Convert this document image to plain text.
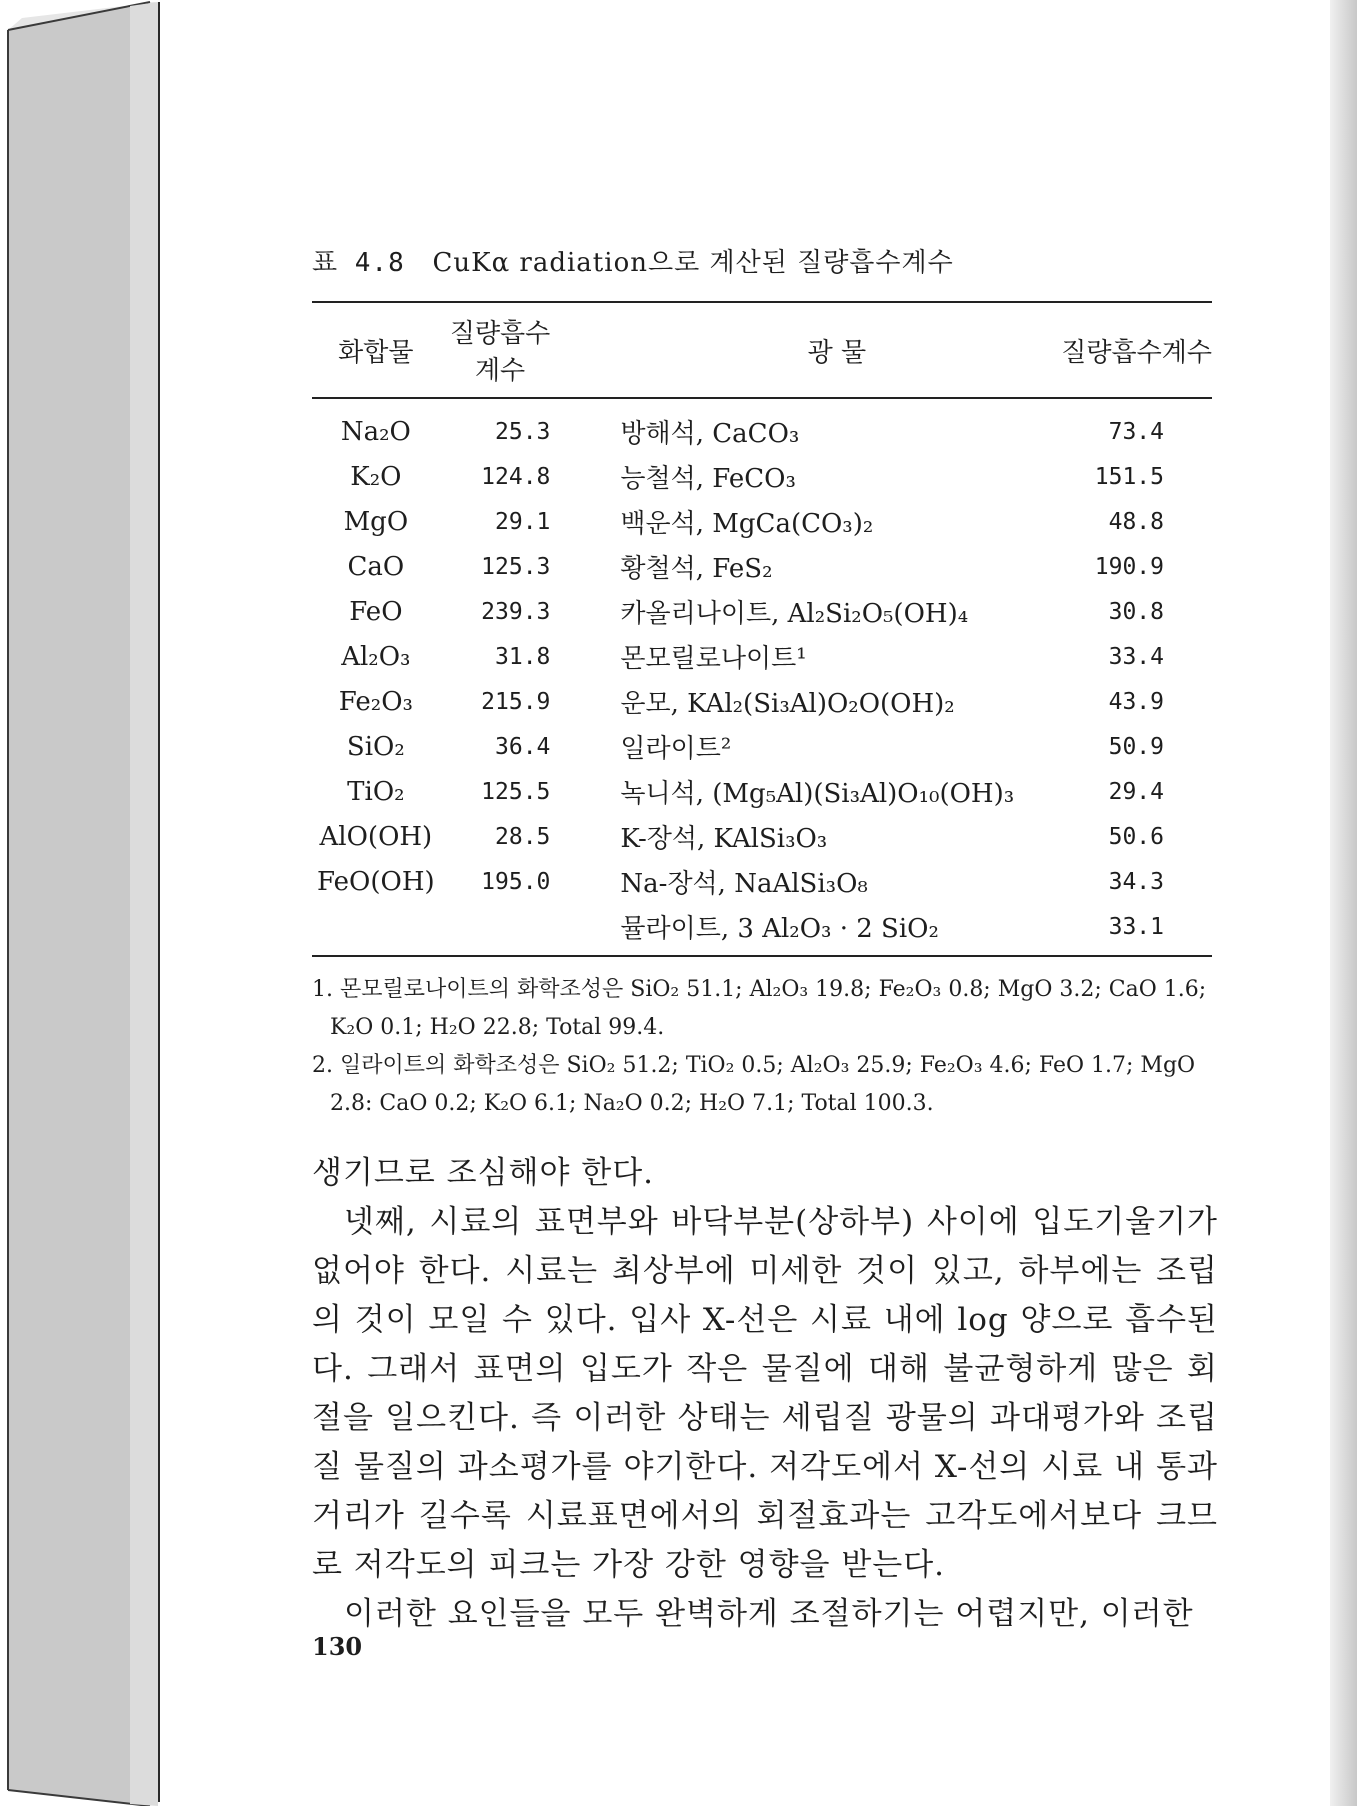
표 4.8 CuKα radiation으로 계산된 질량흡수계수
화합물	질량흡수계수	광 물	질량흡수계수
Na₂O	25.3	방해석, CaCO₃	73.4
K₂O	124.8	능철석, FeCO₃	151.5
MgO	29.1	백운석, MgCa(CO₃)₂	48.8
CaO	125.3	황철석, FeS₂	190.9
FeO	239.3	카올리나이트, Al₂Si₂O₅(OH)₄	30.8
Al₂O₃	31.8	몬모릴로나이트¹	33.4
Fe₂O₃	215.9	운모, KAl₂(Si₃Al)O₂O(OH)₂	43.9
SiO₂	36.4	일라이트²	50.9
TiO₂	125.5	녹니석, (Mg₅Al)(Si₃Al)O₁₀(OH)₃	29.4
AlO(OH)	28.5	K-장석, KAlSi₃O₃	50.6
FeO(OH)	195.0	Na-장석, NaAlSi₃O₈	34.3
		뮬라이트, 3 Al₂O₃ · 2 SiO₂	33.1
1. 몬모릴로나이트의 화학조성은 SiO₂ 51.1; Al₂O₃ 19.8; Fe₂O₃ 0.8; MgO 3.2; CaO 1.6; K₂O 0.1; H₂O 22.8; Total 99.4.
2. 일라이트의 화학조성은 SiO₂ 51.2; TiO₂ 0.5; Al₂O₃ 25.9; Fe₂O₃ 4.6; FeO 1.7; MgO 2.8: CaO 0.2; K₂O 6.1; Na₂O 0.2; H₂O 7.1; Total 100.3.

생기므로 조심해야 한다.

넷째, 시료의 표면부와 바닥부분(상하부) 사이에 입도기울기가 없어야 한다. 시료는 최상부에 미세한 것이 있고, 하부에는 조립의 것이 모일 수 있다. 입사 X-선은 시료 내에 log 양으로 흡수된다. 그래서 표면의 입도가 작은 물질에 대해 불균형하게 많은 회절을 일으킨다. 즉 이러한 상태는 세립질 광물의 과대평가와 조립질 물질의 과소평가를 야기한다. 저각도에서 X-선의 시료 내 통과거리가 길수록 시료표면에서의 회절효과는 고각도에서보다 크므로 저각도의 피크는 가장 강한 영향을 받는다.

이러한 요인들을 모두 완벽하게 조절하기는 어렵지만, 이러한

130
